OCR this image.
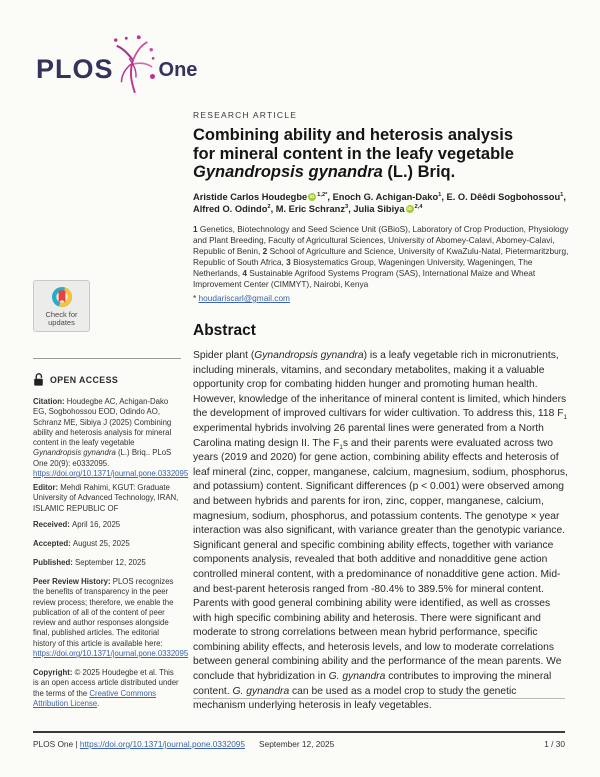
PLOS One
RESEARCH ARTICLE
Combining ability and heterosis analysis
for mineral content in the leafy vegetable
Gynandropsis gynandra (L.) Briq.
Aristide Carlos Houdegbe iD $^{1,2*}$, Enoch G. Achigan-Dako$^1$, E. O. Dêêdi Sogbohossou$^1$, Alfred O. Odindo$^2$, M. Eric Schranz$^3$, Julia Sibiya iD $^{2,4}$
1 Genetics, Biotechnology and Seed Science Unit (GBioS), Laboratory of Crop Production, Physiology and Plant Breeding, Faculty of Agricultural Sciences, University of Abomey-Calavi, Abomey-Calavi, Republic of Benin, 2 School of Agriculture and Science, University of KwaZulu-Natal, Pietermaritzburg, Republic of South Africa, 3 Biosystematics Group, Wageningen University, Wageningen, The Netherlands, 4 Sustainable Agrifood Systems Program (SAS), International Maize and Wheat Improvement Center (CIMMYT), Nairobi, Kenya
* houdariscarl@gmail.com
Abstract
Spider plant (Gynandropsis gynandra) is a leafy vegetable rich in micronutrients, including minerals, vitamins, and secondary metabolites, making it a valuable opportunity crop for combating hidden hunger and promoting human health. However, knowledge of the inheritance of mineral content is limited, which hinders the development of improved cultivars for wider cultivation. To address this, 118 $F_1$ experimental hybrids involving 26 parental lines were generated from a North Carolina mating design II. The $F_1s$ and their parents were evaluated across two years (2019 and 2020) for gene action, combining ability effects and heterosis of leaf mineral (zinc, copper, manganese, calcium, magnesium, sodium, phosphorus, and potassium) content. Significant differences (p < 0.001) were observed among and between hybrids and parents for iron, zinc, copper, manganese, calcium, magnesium, sodium, phosphorus, and potassium contents. The genotype × year interaction was also significant, with variance greater than the genotypic variance. Significant general and specific combining ability effects, together with variance components analysis, revealed that both additive and nonadditive gene action controlled mineral content, with a predominance of nonadditive gene action. Mid- and best-parent heterosis ranged from -80.4% to 389.5% for mineral content. Parents with good general combining ability were identified, as well as crosses with high specific combining ability and heterosis. There were significant and moderate to strong correlations between mean hybrid performance, specific combining ability effects, and heterosis levels, and low to moderate correlations between general combining ability and the performance of the mean parents. We conclude that hybridization in G. gynandra contributes to improving the mineral content. G. gynandra can be used as a model crop to study the genetic mechanism underlying heterosis in leafy vegetables.
Check for
updates
OPEN ACCESS
Citation: Houdegbe AC, Achigan-Dako EG, Sogbohossou EOD, Odindo AO, Schranz ME, Sibiya J (2025) Combining ability and heterosis analysis for mineral content in the leafy vegetable Gynandropsis gynandra (L.) Briq.. PLoS One 20(9): e0332095. https://doi.org/10.1371/journal.pone.0332095
Editor: Mehdi Rahimi, KGUT: Graduate University of Advanced Technology, IRAN, ISLAMIC REPUBLIC OF
Received: April 16, 2025
Accepted: August 25, 2025
Published: September 12, 2025
Peer Review History: PLOS recognizes the benefits of transparency in the peer review process; therefore, we enable the publication of all of the content of peer review and author responses alongside final, published articles. The editorial history of this article is available here: https://doi.org/10.1371/journal.pone.0332095
Copyright: © 2025 Houdegbe et al. This is an open access article distributed under the terms of the Creative Commons Attribution License.
PLOS One | https://doi.org/10.1371/journal.pone.0332095 September 12, 2025	1 / 30
